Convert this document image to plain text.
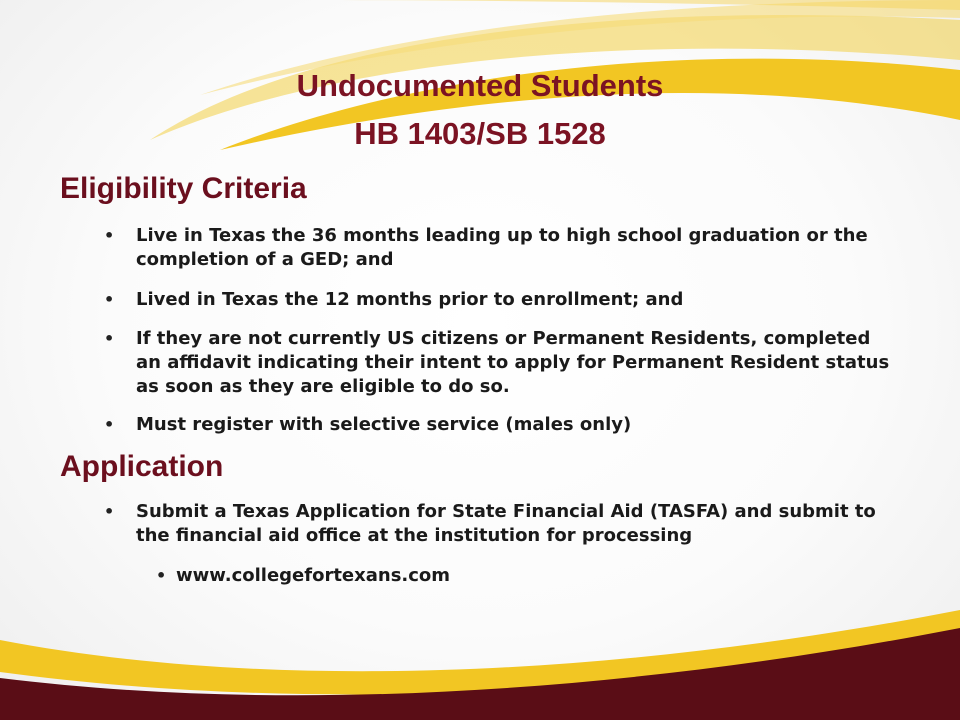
Undocumented Students
HB 1403/SB 1528
Eligibility Criteria
• Live in Texas the 36 months leading up to high school graduation or the completion of a GED; and
• Lived in Texas the 12 months prior to enrollment; and
• If they are not currently US citizens or Permanent Residents, completed an affidavit indicating their intent to apply for Permanent Resident status as soon as they are eligible to do so.
• Must register with selective service (males only)
Application
• Submit a Texas Application for State Financial Aid (TASFA) and submit to the financial aid office at the institution for processing
• www.collegefortexans.com
